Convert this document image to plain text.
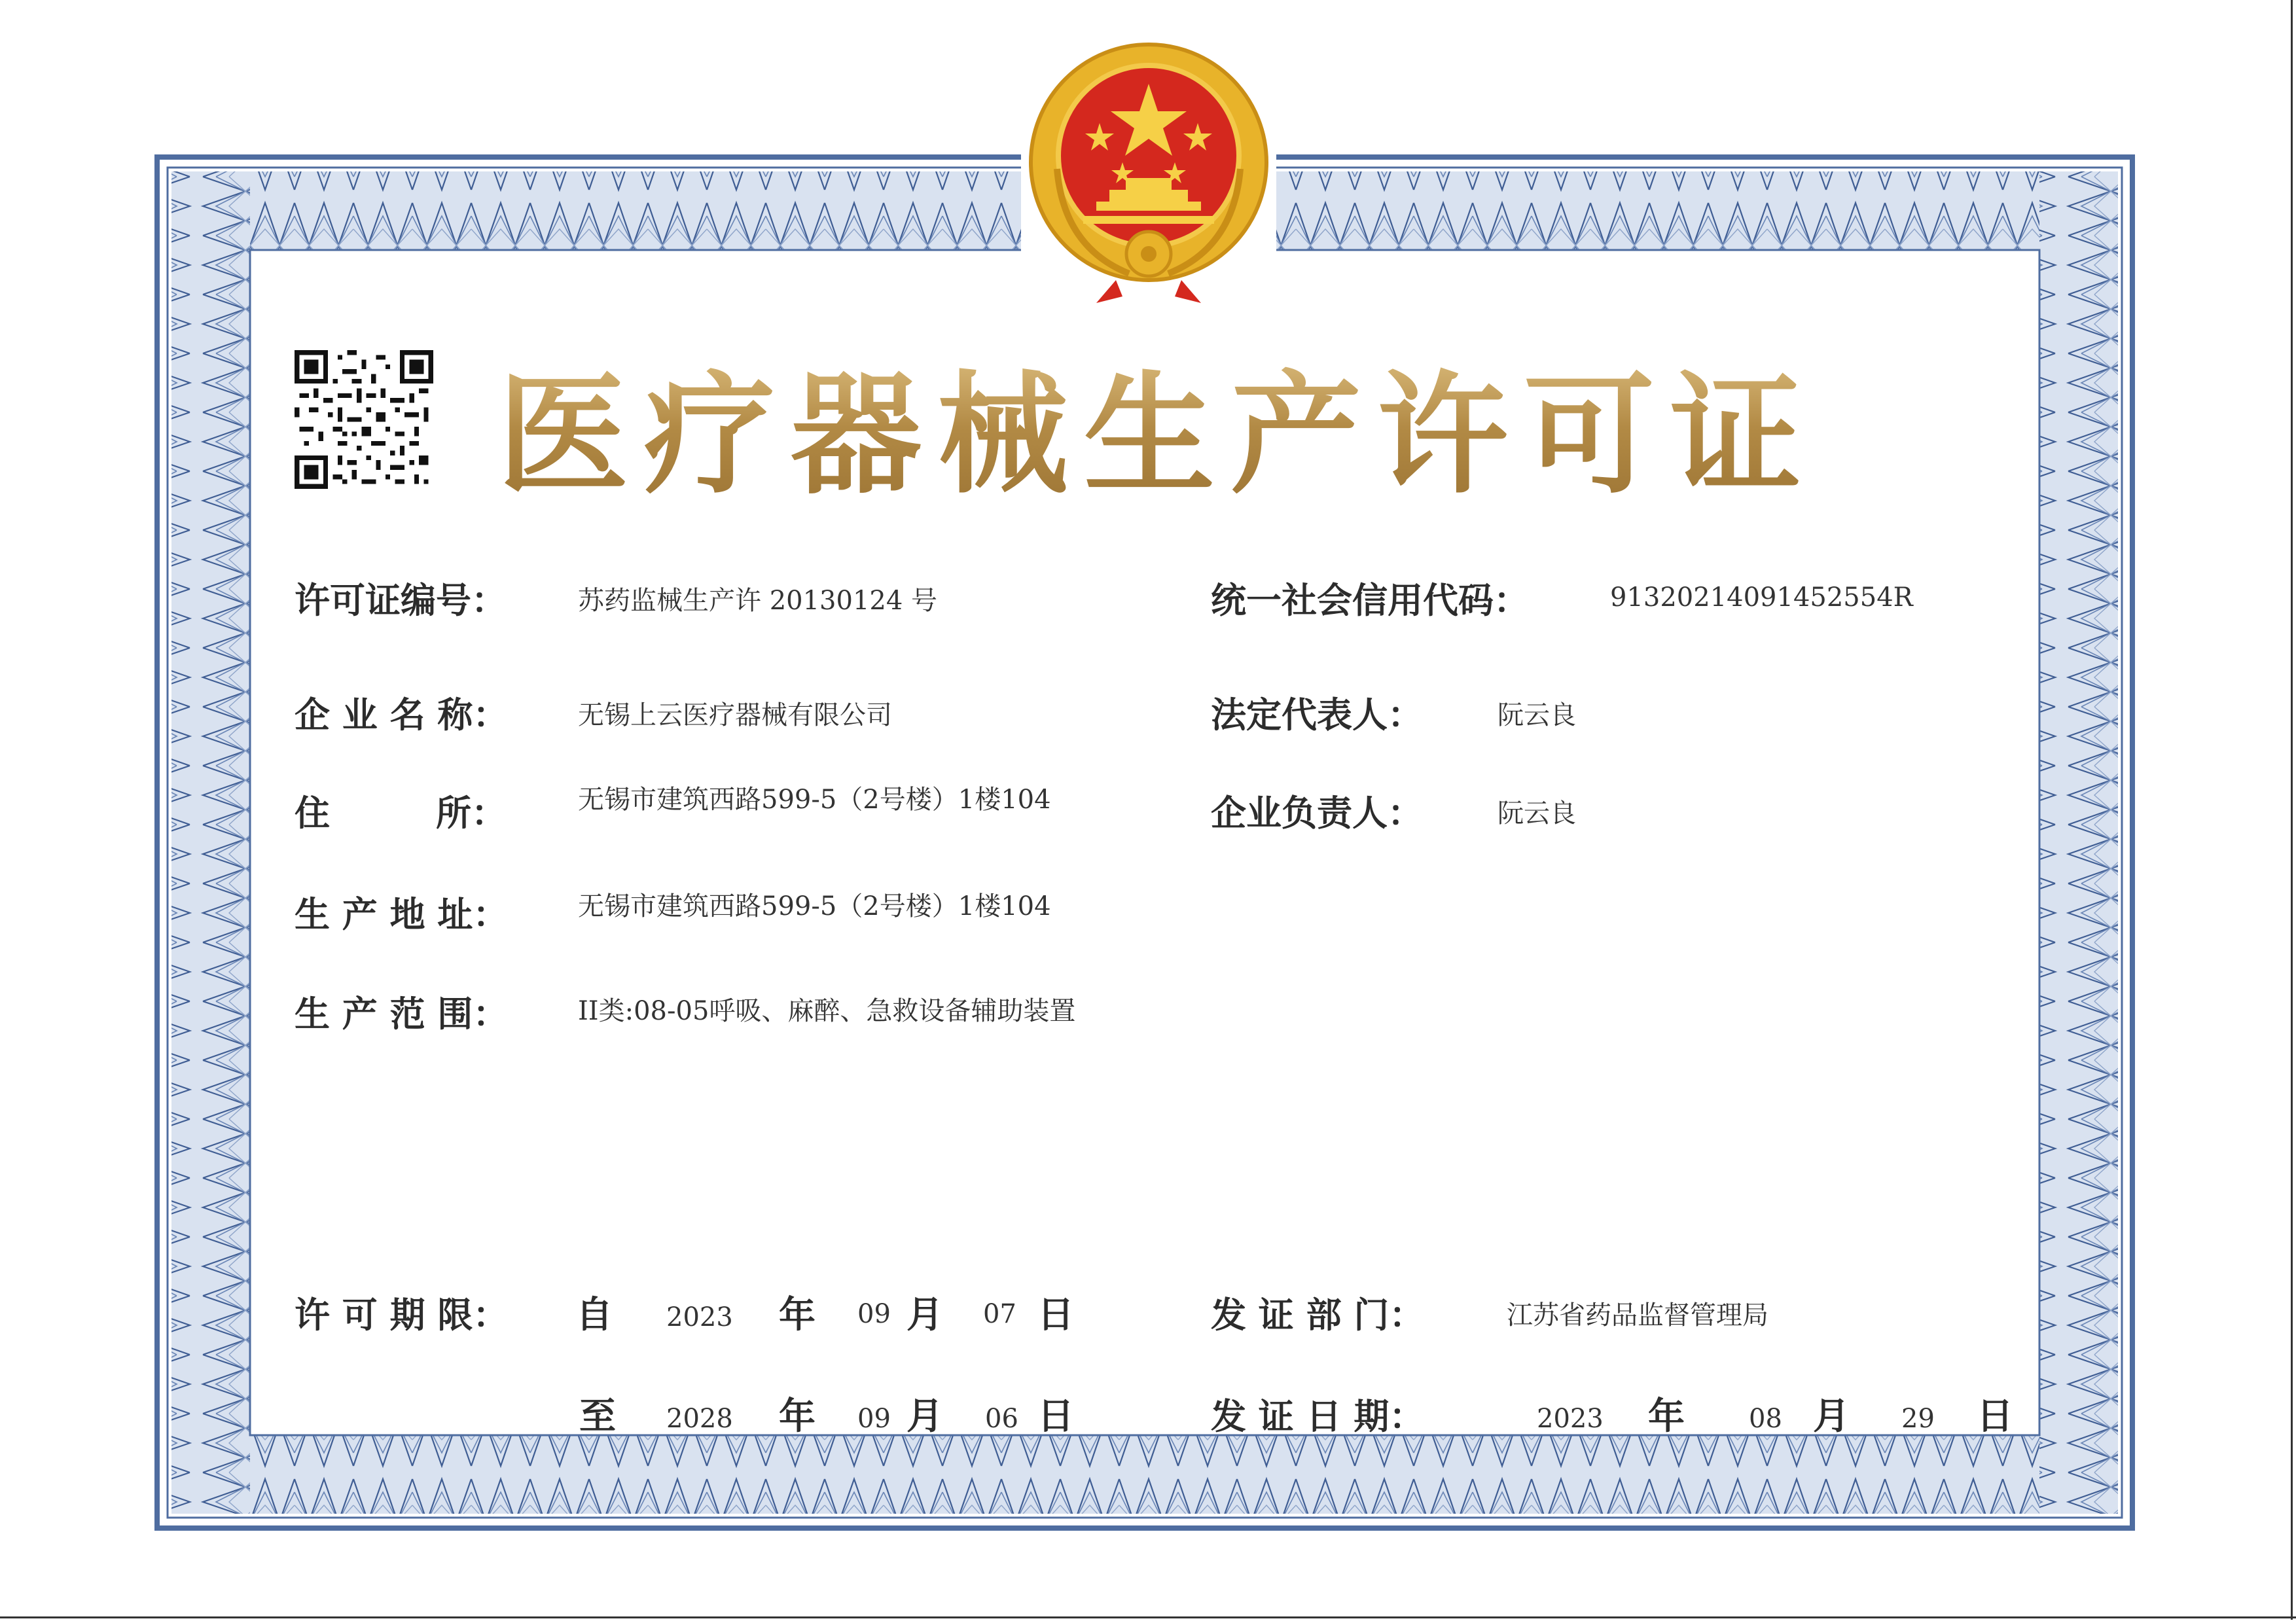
医疗器械生产许可证
许可证编号：	苏药监械生产许 20130124 号
企 业 名 称：	无锡上云医疗器械有限公司
住　　　所：	无锡市建筑西路599-5（2号楼）1楼104
生 产 地 址：	无锡市建筑西路599-5（2号楼）1楼104
生 产 范 围：	II类:08-05呼吸、麻醉、急救设备辅助装置
统一社会信用代码：	91320214091452554R
法定代表人：	阮云良
企业负责人：	阮云良
许 可 期 限： 自 2023 年 09 月 07 日
至 2028 年 09 月 06 日
发 证 部 门：	江苏省药品监督管理局
发 证 日 期：	2023 年 08 月 29 日
